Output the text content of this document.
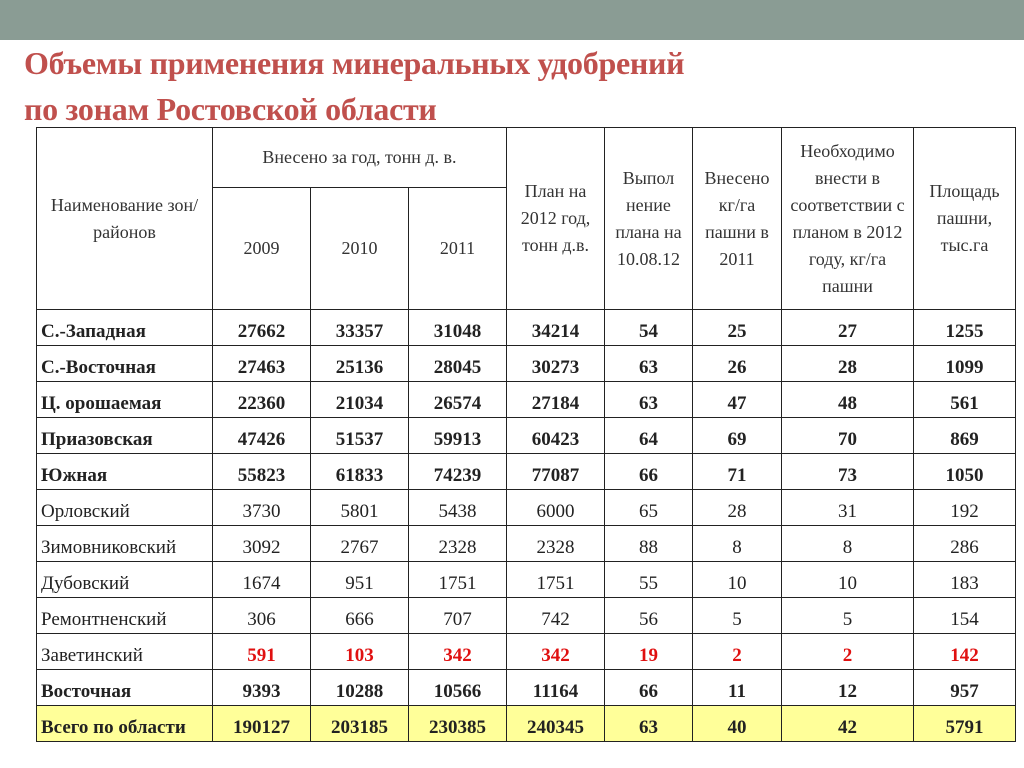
Объемы применения минеральных удобрений
по зонам Ростовской области
Наименование зон/районов	Внесено за год, тонн д. в.			План на 2012 год, тонн д.в.	Выпол нение плана на 10.08.12	Внесено кг/га пашни в 2011	Необходимо внести в соответствии с планом в 2012 году, кг/га пашни	Площадь пашни, тыс.га
	2009	2010	2011					
С.-Западная	27662	33357	31048	34214	54	25	27	1255
С.-Восточная	27463	25136	28045	30273	63	26	28	1099
Ц. орошаемая	22360	21034	26574	27184	63	47	48	561
Приазовская	47426	51537	59913	60423	64	69	70	869
Южная	55823	61833	74239	77087	66	71	73	1050
Орловский	3730	5801	5438	6000	65	28	31	192
Зимовниковский	3092	2767	2328	2328	88	8	8	286
Дубовский	1674	951	1751	1751	55	10	10	183
Ремонтненский	306	666	707	742	56	5	5	154
Заветинский	591	103	342	342	19	2	2	142
Восточная	9393	10288	10566	11164	66	11	12	957
Всего по области	190127	203185	230385	240345	63	40	42	5791
